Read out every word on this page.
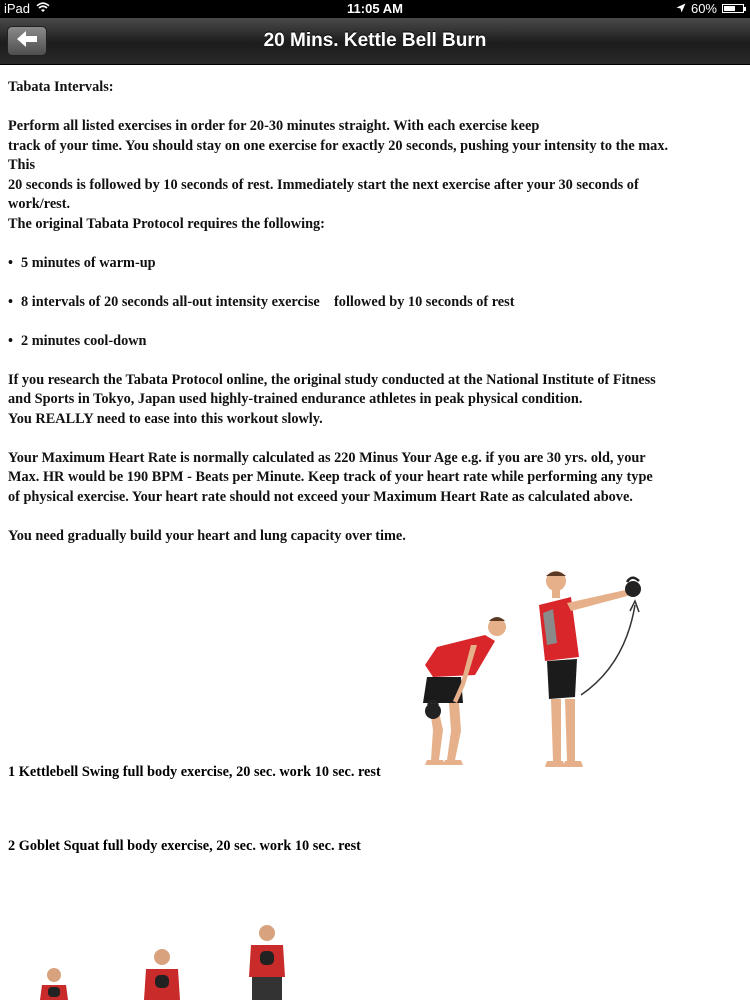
iPad	11:05 AM	60%
20 Mins. Kettle Bell Burn

Tabata Intervals:

Perform all listed exercises in order for 20-30 minutes straight. With each exercise keep

track of your time. You should stay on one exercise for exactly 20 seconds, pushing your intensity to the max.

This

20 seconds is followed by 10 seconds of rest. Immediately start the next exercise after your 30 seconds of

work/rest.

The original Tabata Protocol requires the following:

• 5 minutes of warm-up
• 8 intervals of 20 seconds all-out intensity exercise    followed by 10 seconds of rest
• 2 minutes cool-down

If you research the Tabata Protocol online, the original study conducted at the National Institute of Fitness

and Sports in Tokyo, Japan used highly-trained endurance athletes in peak physical condition.

You REALLY need to ease into this workout slowly.

Your Maximum Heart Rate is normally calculated as 220 Minus Your Age e.g. if you are 30 yrs. old, your

Max. HR would be 190 BPM - Beats per Minute. Keep track of your heart rate while performing any type

of physical exercise. Your heart rate should not exceed your Maximum Heart Rate as calculated above.

You need gradually build your heart and lung capacity over time.

1 Kettlebell Swing full body exercise, 20 sec. work 10 sec. rest
2 Goblet Squat full body exercise, 20 sec. work 10 sec. rest
